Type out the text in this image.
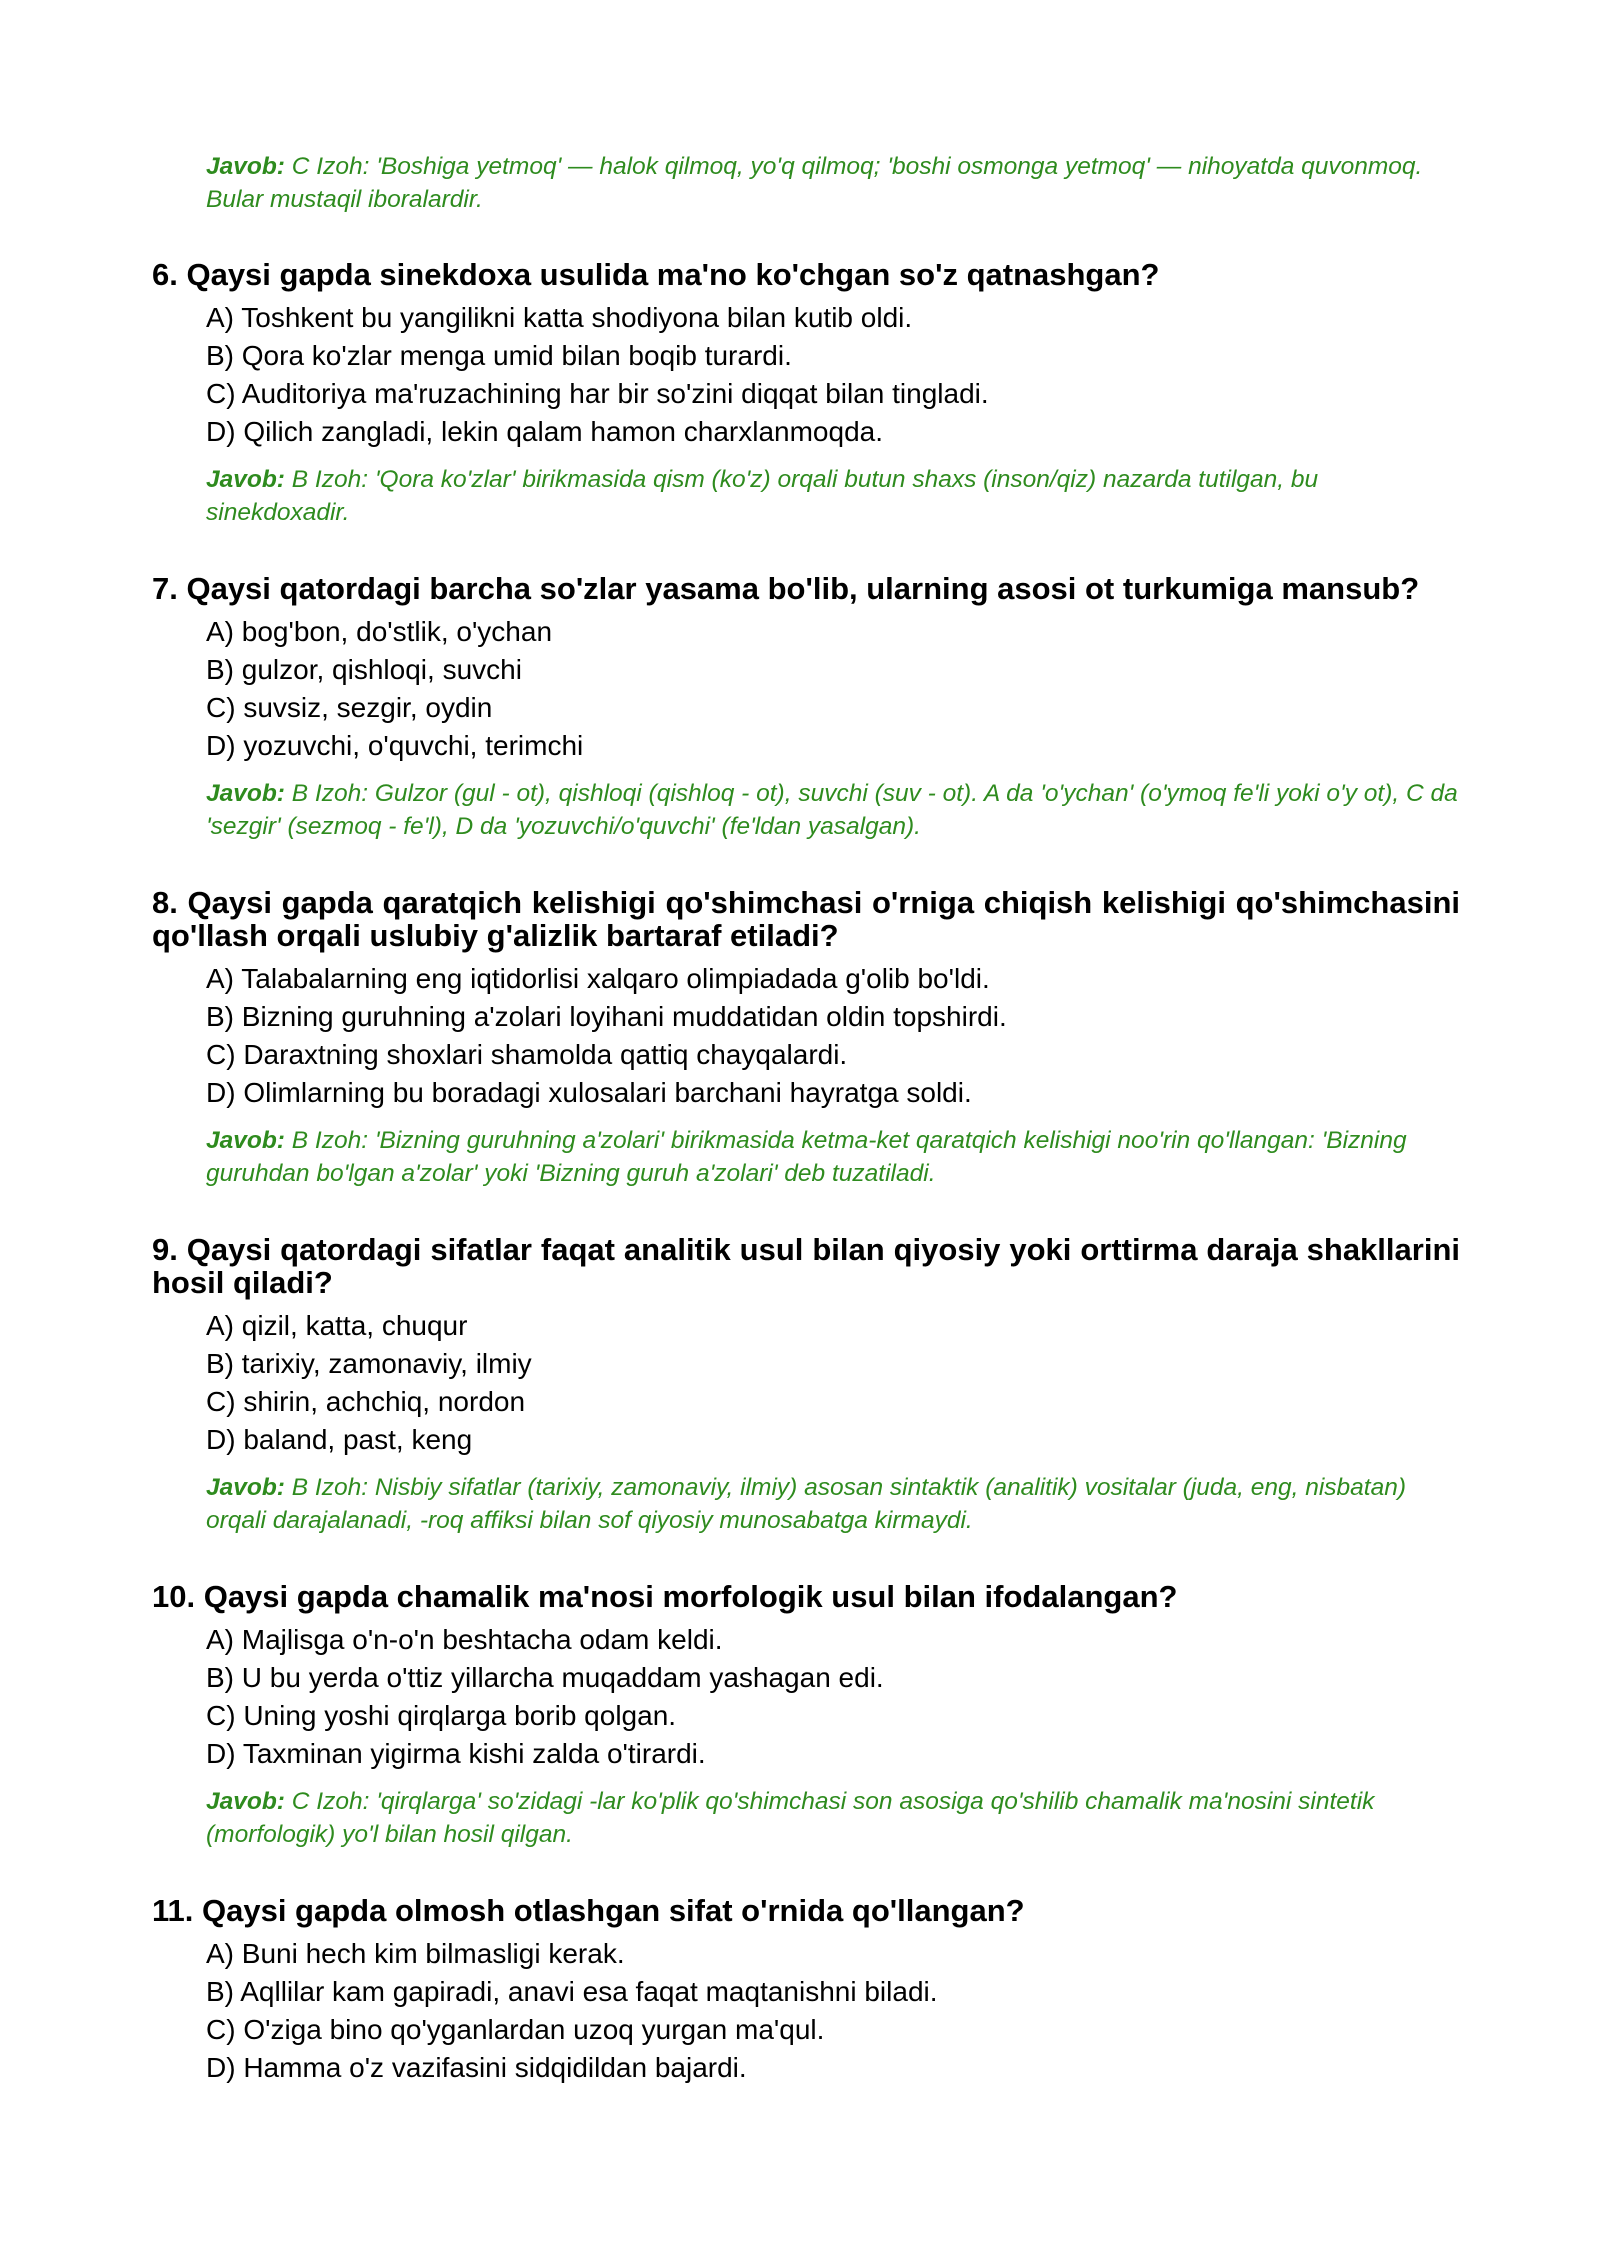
Javob: C Izoh: 'Boshiga yetmoq' — halok qilmoq, yo'q qilmoq; 'boshi osmonga yetmoq' — nihoyatda quvonmoq. Bular mustaqil iboralardir.
6. Qaysi gapda sinekdoxa usulida ma'no ko'chgan so'z qatnashgan?
A) Toshkent bu yangilikni katta shodiyona bilan kutib oldi.
B) Qora ko'zlar menga umid bilan boqib turardi.
C) Auditoriya ma'ruzachining har bir so'zini diqqat bilan tingladi.
D) Qilich zangladi, lekin qalam hamon charxlanmoqda.
Javob: B Izoh: 'Qora ko'zlar' birikmasida qism (ko'z) orqali butun shaxs (inson/qiz) nazarda tutilgan, bu sinekdoxadir.
7. Qaysi qatordagi barcha so'zlar yasama bo'lib, ularning asosi ot turkumiga mansub?
A) bog'bon, do'stlik, o'ychan
B) gulzor, qishloqi, suvchi
C) suvsiz, sezgir, oydin
D) yozuvchi, o'quvchi, terimchi
Javob: B Izoh: Gulzor (gul - ot), qishloqi (qishloq - ot), suvchi (suv - ot). A da 'o'ychan' (o'ymoq fe'li yoki o'y ot), C da 'sezgir' (sezmoq - fe'l), D da 'yozuvchi/o'quvchi' (fe'ldan yasalgan).
8. Qaysi gapda qaratqich kelishigi qo'shimchasi o'rniga chiqish kelishigi qo'shimchasini qo'llash orqali uslubiy g'alizlik bartaraf etiladi?
A) Talabalarning eng iqtidorlisi xalqaro olimpiadada g'olib bo'ldi.
B) Bizning guruhning a'zolari loyihani muddatidan oldin topshirdi.
C) Daraxtning shoxlari shamolda qattiq chayqalardi.
D) Olimlarning bu boradagi xulosalari barchani hayratga soldi.
Javob: B Izoh: 'Bizning guruhning a'zolari' birikmasida ketma-ket qaratqich kelishigi noo'rin qo'llangan: 'Bizning guruhdan bo'lgan a'zolar' yoki 'Bizning guruh a'zolari' deb tuzatiladi.
9. Qaysi qatordagi sifatlar faqat analitik usul bilan qiyosiy yoki orttirma daraja shakllarini hosil qiladi?
A) qizil, katta, chuqur
B) tarixiy, zamonaviy, ilmiy
C) shirin, achchiq, nordon
D) baland, past, keng
Javob: B Izoh: Nisbiy sifatlar (tarixiy, zamonaviy, ilmiy) asosan sintaktik (analitik) vositalar (juda, eng, nisbatan) orqali darajalanadi, -roq affiksi bilan sof qiyosiy munosabatga kirmaydi.
10. Qaysi gapda chamalik ma'nosi morfologik usul bilan ifodalangan?
A) Majlisga o'n-o'n beshtacha odam keldi.
B) U bu yerda o'ttiz yillarcha muqaddam yashagan edi.
C) Uning yoshi qirqlarga borib qolgan.
D) Taxminan yigirma kishi zalda o'tirardi.
Javob: C Izoh: 'qirqlarga' so'zidagi -lar ko'plik qo'shimchasi son asosiga qo'shilib chamalik ma'nosini sintetik (morfologik) yo'l bilan hosil qilgan.
11. Qaysi gapda olmosh otlashgan sifat o'rnida qo'llangan?
A) Buni hech kim bilmasligi kerak.
B) Aqllilar kam gapiradi, anavi esa faqat maqtanishni biladi.
C) O'ziga bino qo'yganlardan uzoq yurgan ma'qul.
D) Hamma o'z vazifasini sidqidildan bajardi.
